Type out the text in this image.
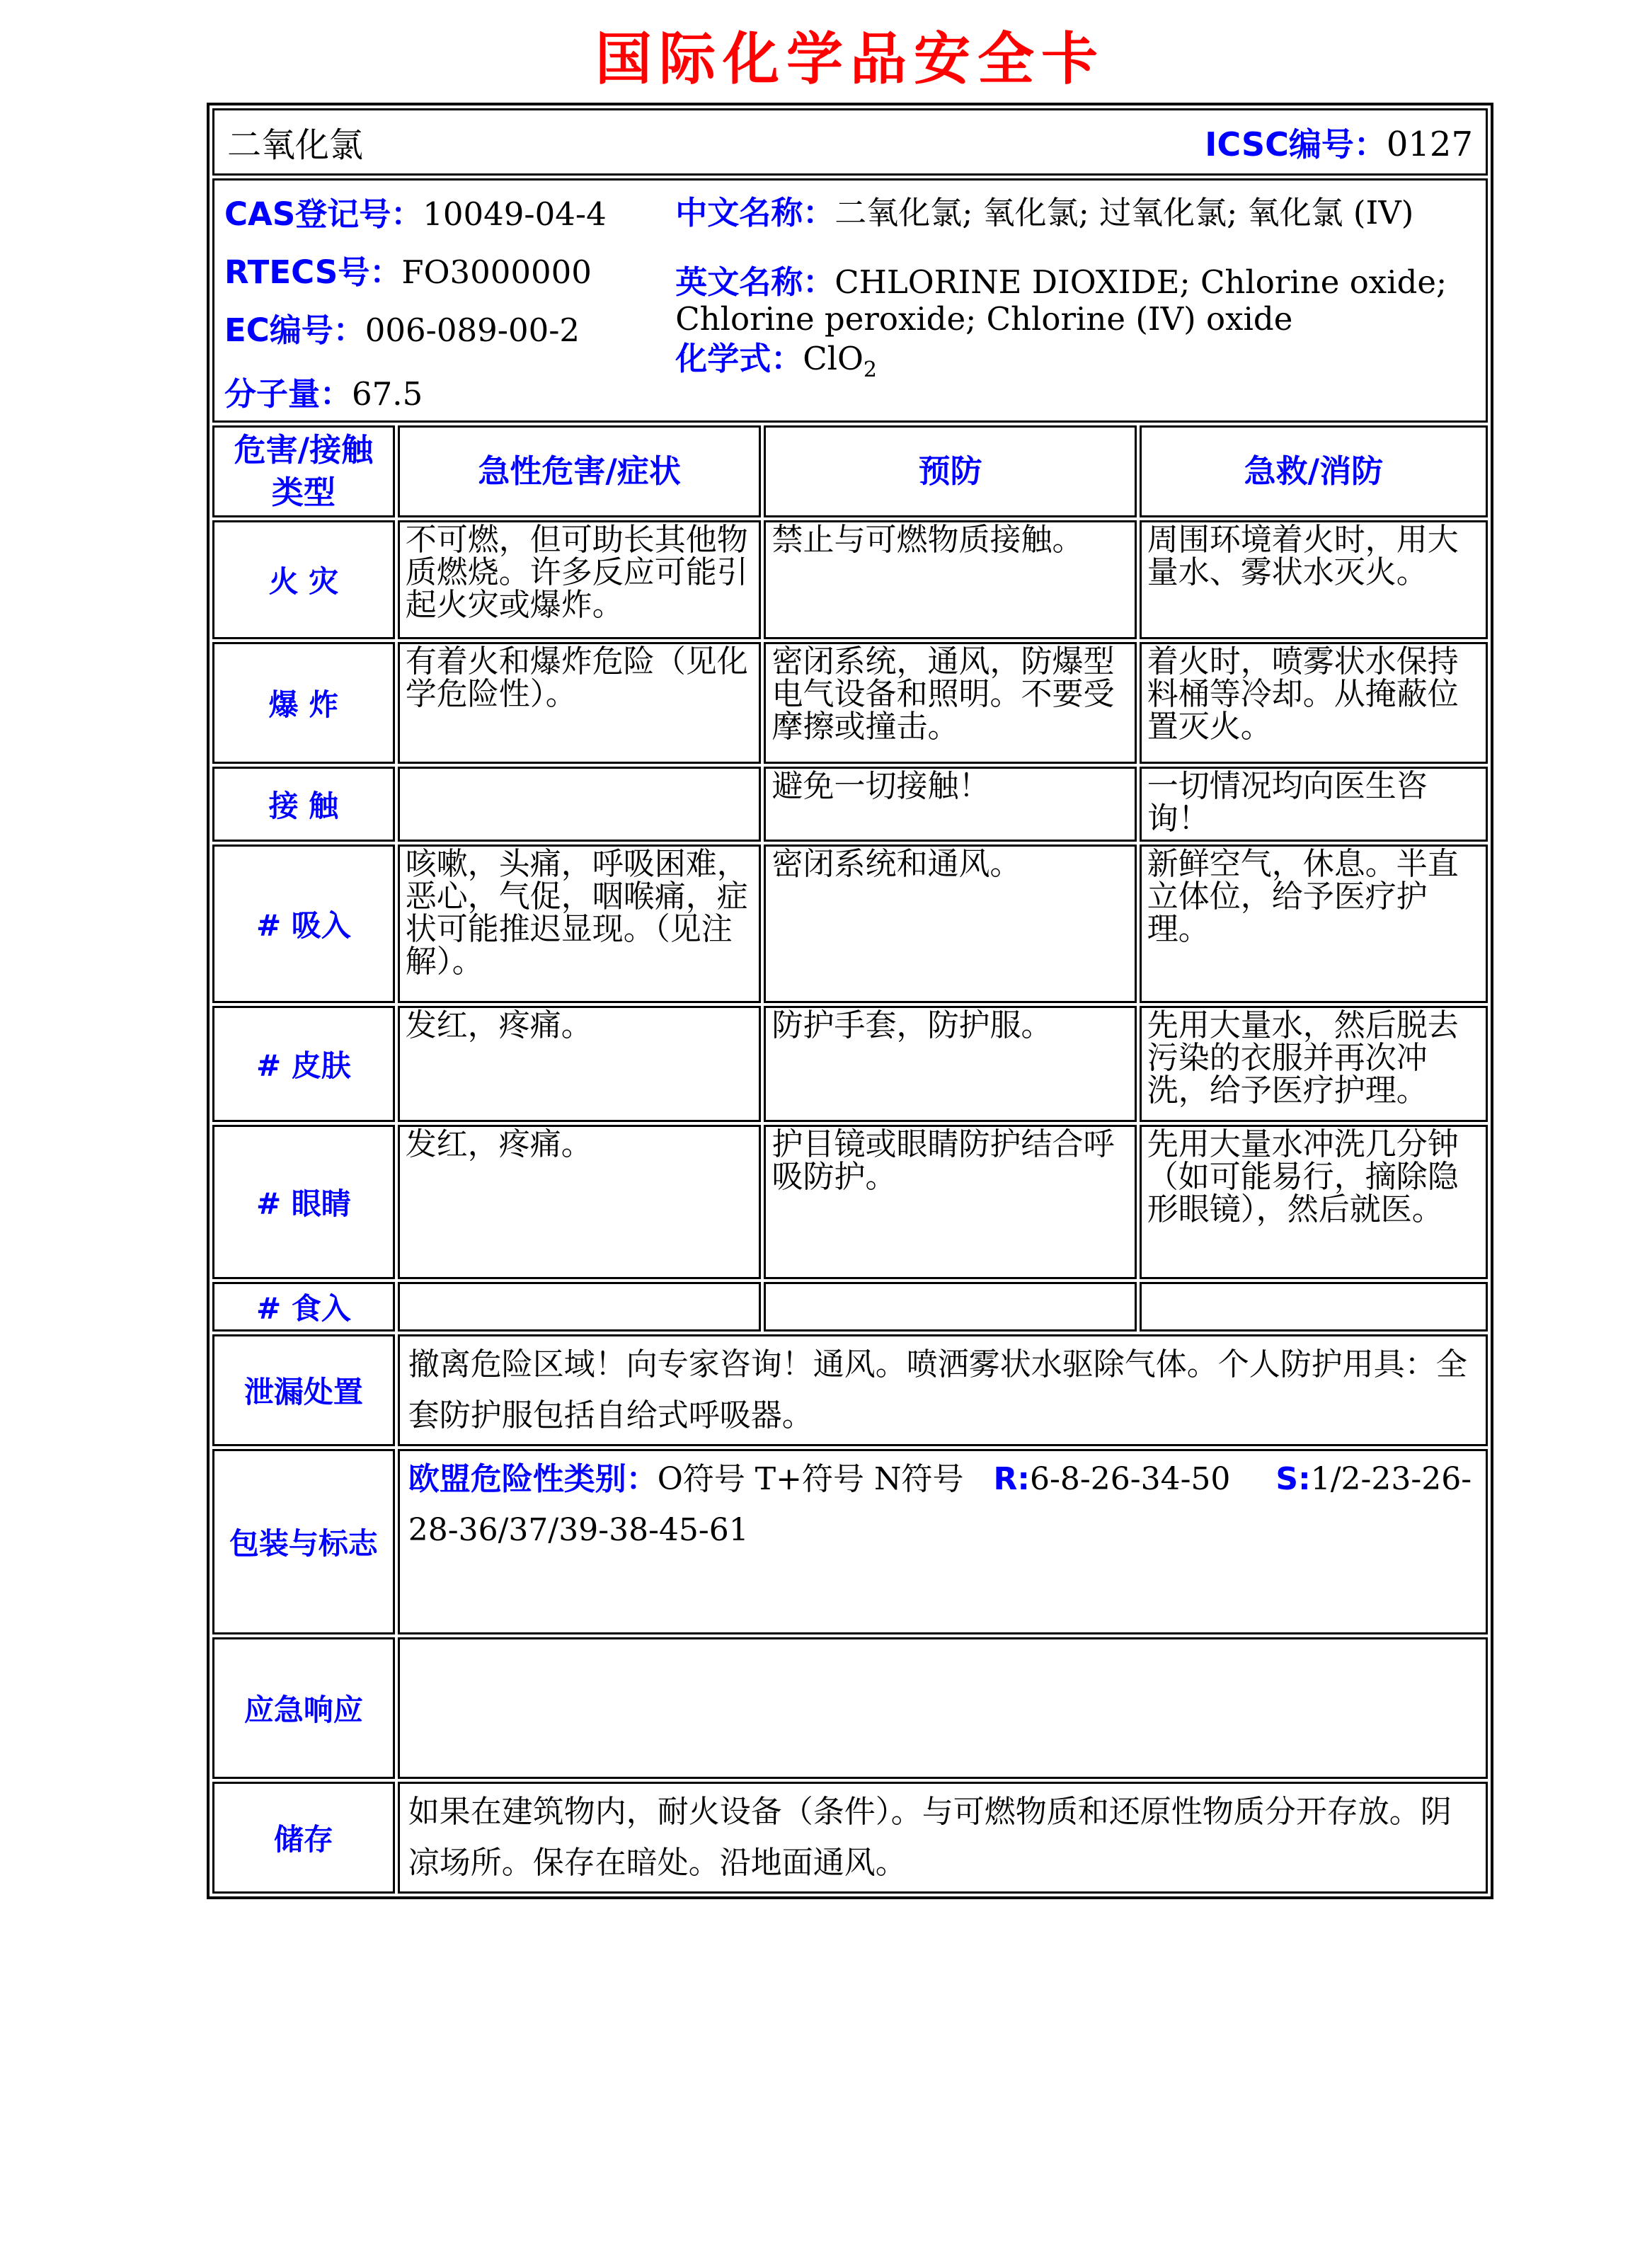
国际化学品安全卡
二氧化氯 ICSC编号：0127			

CAS登记号：10049-04-4

RTECS号：FO3000000

EC编号：006-089-00-2

分子量：67.5

中文名称：二氧化氯; 氧化氯; 过氧化氯; 氧化氯 (IV)

英文名称：CHLORINE DIOXIDE; Chlorine oxide; Chlorine peroxide; Chlorine (IV) oxide

化学式：ClO$_2$

危害/接触类型	急性危害/症状	预防	急救/消防
火 灾	不可燃，但可助长其他物质燃烧。许多反应可能引起火灾或爆炸。	禁止与可燃物质接触。	周围环境着火时，用大量水、雾状水灭火。
爆 炸	有着火和爆炸危险（见化学危险性）。	密闭系统，通风，防爆型电气设备和照明。不要受摩擦或撞击。	着火时，喷雾状水保持料桶等冷却。从掩蔽位置灭火。
接 触		避免一切接触！	一切情况均向医生咨询！
# 吸入	咳嗽，头痛，呼吸困难，恶心，气促，咽喉痛，症状可能推迟显现。（见注解）。	密闭系统和通风。	新鲜空气，休息。半直立体位，给予医疗护理。
# 皮肤	发红，疼痛。	防护手套，防护服。	先用大量水，然后脱去污染的衣服并再次冲洗，给予医疗护理。
# 眼睛	发红，疼痛。	护目镜或眼睛防护结合呼吸防护。	先用大量水冲洗几分钟（如可能易行，摘除隐形眼镜），然后就医。
# 食入			
泄漏处置	撤离危险区域！向专家咨询！通风。喷洒雾状水驱除气体。个人防护用具：全套防护服包括自给式呼吸器。		
包装与标志	欧盟危险性类别：O符号 T+符号 N符号 R:6-8-26-34-50 S:1/2-23-26-28-36/37/39-38-45-61		
应急响应			
储存	如果在建筑物内，耐火设备（条件）。与可燃物质和还原性物质分开存放。阴凉场所。保存在暗处。沿地面通风。		
